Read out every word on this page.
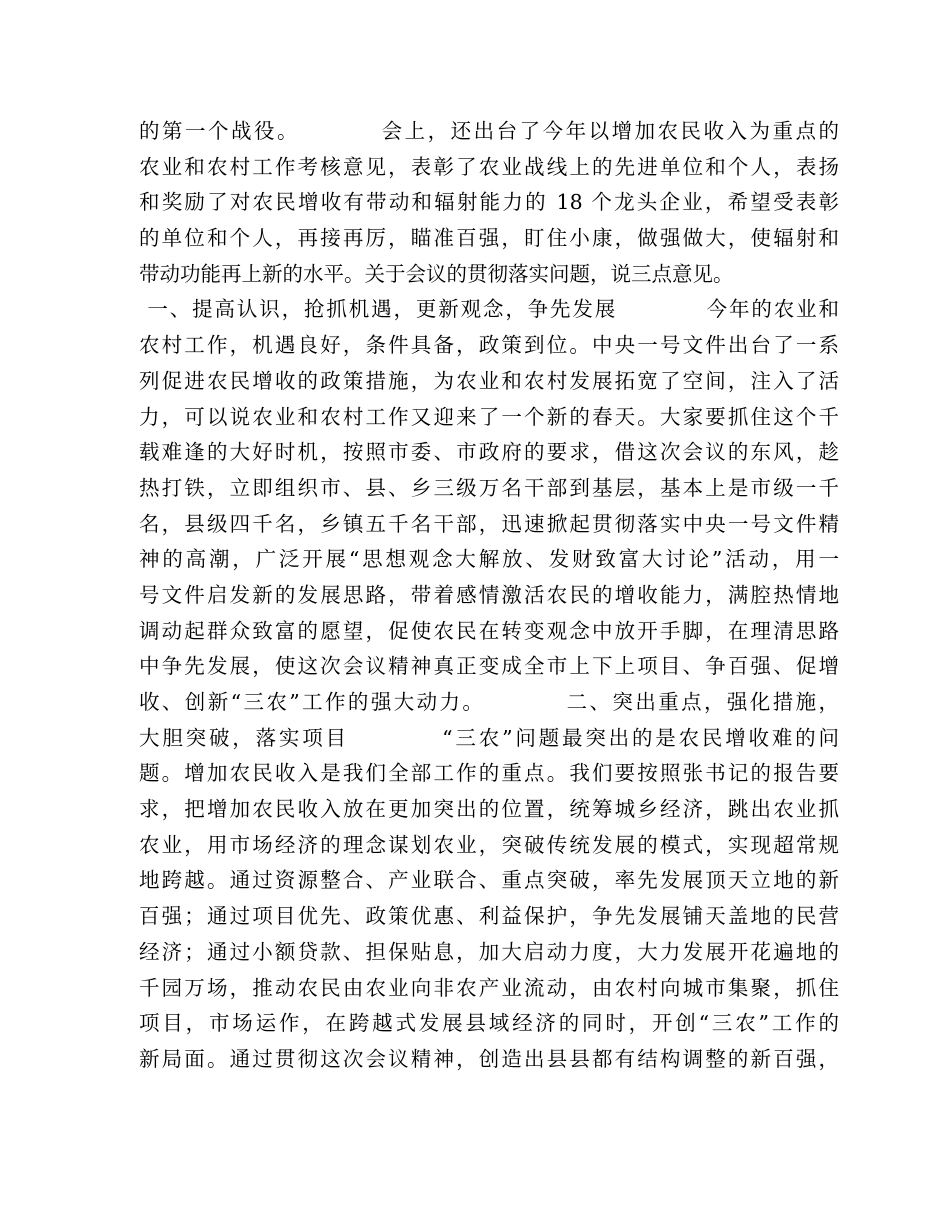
的第一个战役。　　　　会上，还出台了今年以增加农民收入为重点的
农业和农村工作考核意见，表彰了农业战线上的先进单位和个人，表扬
和奖励了对农民增收有带动和辐射能力的 18 个龙头企业，希望受表彰
的单位和个人，再接再厉，瞄准百强，盯住小康，做强做大，使辐射和
带动功能再上新的水平。关于会议的贯彻落实问题，说三点意见。
一、提高认识，抢抓机遇，更新观念，争先发展　　　　今年的农业和
农村工作，机遇良好，条件具备，政策到位。中央一号文件出台了一系
列促进农民增收的政策措施，为农业和农村发展拓宽了空间，注入了活
力，可以说农业和农村工作又迎来了一个新的春天。大家要抓住这个千
载难逢的大好时机，按照市委、市政府的要求，借这次会议的东风，趁
热打铁，立即组织市、县、乡三级万名干部到基层，基本上是市级一千
名，县级四千名，乡镇五千名干部，迅速掀起贯彻落实中央一号文件精
神的高潮，广泛开展“思想观念大解放、发财致富大讨论”活动，用一
号文件启发新的发展思路，带着感情激活农民的增收能力，满腔热情地
调动起群众致富的愿望，促使农民在转变观念中放开手脚，在理清思路
中争先发展，使这次会议精神真正变成全市上下上项目、争百强、促增
收、创新“三农”工作的强大动力。　　　　二、突出重点，强化措施，
大胆突破，落实项目　　　　“三农”问题最突出的是农民增收难的问
题。增加农民收入是我们全部工作的重点。我们要按照张书记的报告要
求，把增加农民收入放在更加突出的位置，统筹城乡经济，跳出农业抓
农业，用市场经济的理念谋划农业，突破传统发展的模式，实现超常规
地跨越。通过资源整合、产业联合、重点突破，率先发展顶天立地的新
百强；通过项目优先、政策优惠、利益保护，争先发展铺天盖地的民营
经济；通过小额贷款、担保贴息，加大启动力度，大力发展开花遍地的
千园万场，推动农民由农业向非农产业流动，由农村向城市集聚，抓住
项目，市场运作，在跨越式发展县域经济的同时，开创“三农”工作的
新局面。通过贯彻这次会议精神，创造出县县都有结构调整的新百强，
